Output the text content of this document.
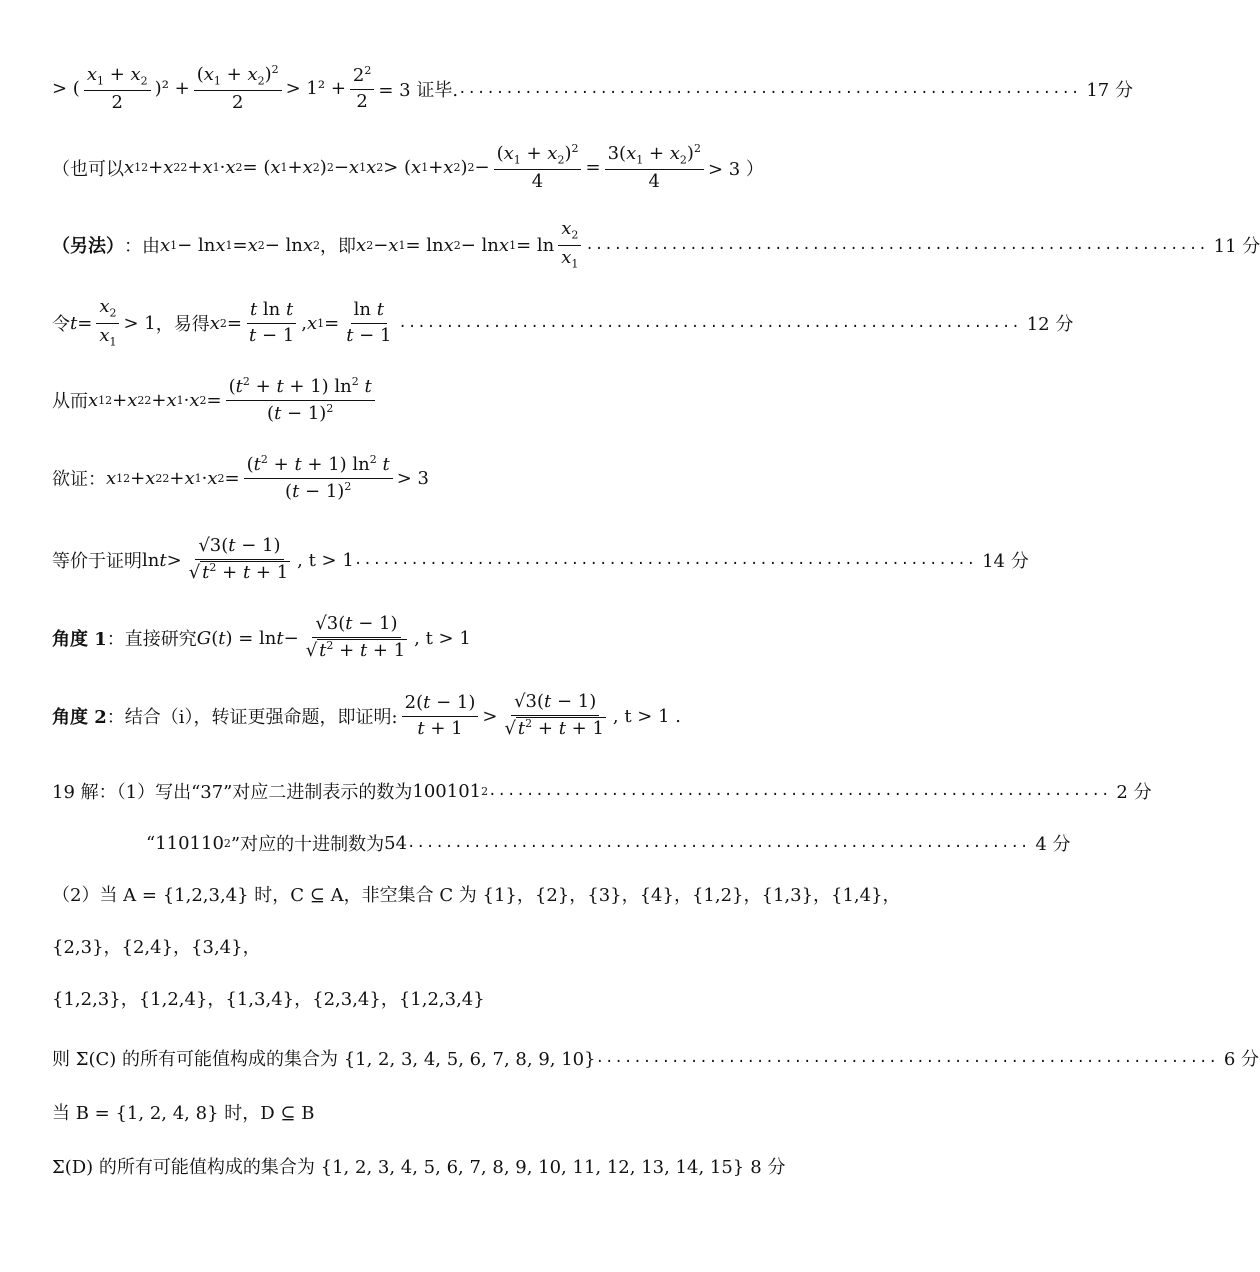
> ( $\frac{x_1 + x_2}{2} )^2 + \frac{(x_1 + x_2)^2}{2} > 1^2 + \frac{2^2}{2} = 3$ 证毕. .................................................................. 17 分
（也可以 x 1 2 + x 2 2 + x 1 · x 2 = ( x 1 + x 2 ) 2 − x 1 x 2 > ( x 1 + x 2 ) $2 - \frac{(x_1 + x_2)^2}{4} = \frac{3(x_1 + x_2)^2}{4} > 3$ ）
（另法） ：由 x 1 − ln x 1 = x 2 − ln x 2 ，即 x 2 − x 1 = ln x 2 − ln x $1 = \ln \frac{x_2}{x_1}$ .................................................................. 11 分
令 $t = \frac{x_2}{x_1} > 1$ ，易得 x $2 = \frac{\text{t ln t}}{t - 1}$ , x $1 = \frac{\text{ln t}}{t - 1}$ .................................................................. 12 分
从而 x 1 2 + x 2 2 + x 1 · x $2 = \frac{(t^2 + t + 1) \ln^2 t}{(t - 1)^2}$
欲证： x 1 2 + x 2 2 + x 1 · x $2 = \frac{(t^2 + t + 1) \ln^2 t}{(t - 1)^2} > 3$
等价于证明 $\ln t > \frac{√3(t - 1)}{√ t^2 + t + 1}$ , t > 1 .................................................................. 14 分
角度 1 ：直接研究 G ( t ) = $\ln t - \frac{√3(t - 1)}{√ t^2 + t + 1}$ , t > 1
角度 2 ：结合（i），转证更强命题，即证明: $\frac{2(t - 1)}{t + 1} > \frac{√3(t - 1)}{√ t^2 + t + 1}$ , t > 1 .
19 解：（1）写出“37”对应二进制表示的数为 100101 2 .................................................................. 2 分
“ 110110 2 ”对应的十进制数为 54 .................................................................. 4 分
（2）当 A = {1,2,3,4} 时，C ⊆ A，非空集合 C 为 {1}，{2}，{3}，{4}，{1,2}，{1,3}，{1,4}，
{2,3}，{2,4}，{3,4}，
{1,2,3}，{1,2,4}，{1,3,4}，{2,3,4}，{1,2,3,4}
则 Σ(C) 的所有可能值构成的集合为 {1, 2, 3, 4, 5, 6, 7, 8, 9, 10} .................................................................. 6 分
当 B = {1, 2, 4, 8} 时，D ⊆ B
Σ(D) 的所有可能值构成的集合为 {1, 2, 3, 4, 5, 6, 7, 8, 9, 10, 11, 12, 13, 14, 15} 8 分
